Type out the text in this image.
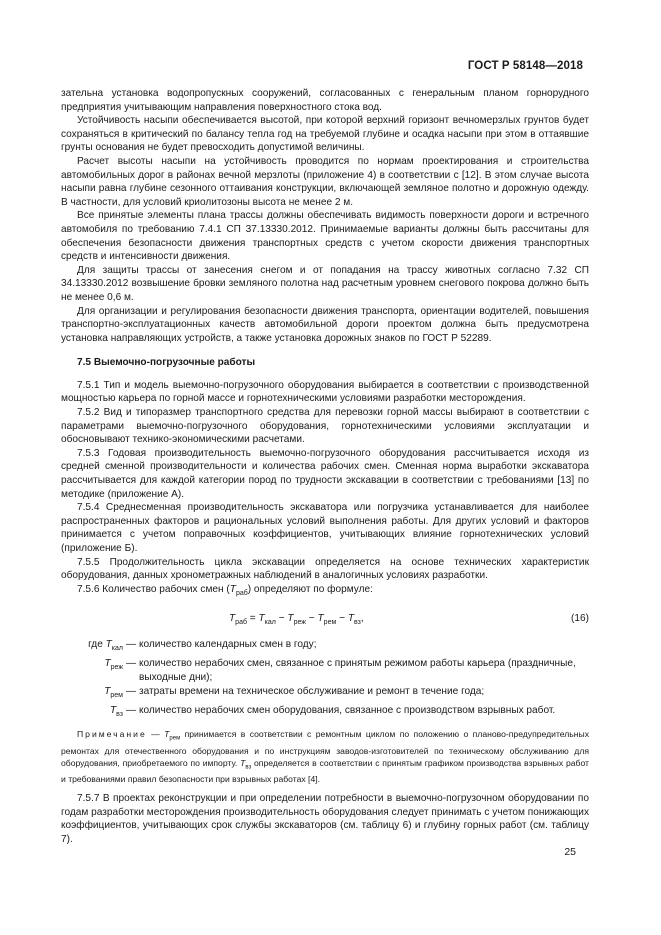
ГОСТ Р 58148—2018

зательна установка водопропускных сооружений, согласованных с генеральным планом горнорудного предприятия учитывающим направления поверхностного стока вод.

Устойчивость насыпи обеспечивается высотой, при которой верхний горизонт вечномерзлых грунтов будет сохраняться в критический по балансу тепла год на требуемой глубине и осадка насыпи при этом в оттаявшие грунты основания не будет превосходить допустимой величины.

Расчет высоты насыпи на устойчивость проводится по нормам проектирования и строительства автомобильных дорог в районах вечной мерзлоты (приложение 4) в соответствии с [12]. В этом случае высота насыпи равна глубине сезонного оттаивания конструкции, включающей земляное полотно и дорожную одежду. В частности, для условий криолитозоны высота не менее 2 м.

Все принятые элементы плана трассы должны обеспечивать видимость поверхности дороги и встречного автомобиля по требованию 7.4.1 СП 37.13330.2012. Принимаемые варианты должны быть рассчитаны для обеспечения безопасности движения транспортных средств с учетом скорости движения транспортных средств и интенсивности движения.

Для защиты трассы от занесения снегом и от попадания на трассу животных согласно 7.32 СП 34.13330.2012 возвышение бровки земляного полотна над расчетным уровнем снегового покрова должно быть не менее 0,6 м.

Для организации и регулирования безопасности движения транспорта, ориентации водителей, повышения транспортно-эксплуатационных качеств автомобильной дороги проектом должна быть предусмотрена установка направляющих устройств, а также установка дорожных знаков по ГОСТ Р 52289.

7.5 Выемочно-погрузочные работы

7.5.1 Тип и модель выемочно-погрузочного оборудования выбирается в соответствии с производственной мощностью карьера по горной массе и горнотехническими условиями разработки месторождения.

7.5.2 Вид и типоразмер транспортного средства для перевозки горной массы выбирают в соответствии с параметрами выемочно-погрузочного оборудования, горнотехническими условиями эксплуатации и обосновывают технико-экономическими расчетами.

7.5.3 Годовая производительность выемочно-погрузочного оборудования рассчитывается исходя из средней сменной производительности и количества рабочих смен. Сменная норма выработки экскаватора рассчитывается для каждой категории пород по трудности экскавации в соответствии с требованиями [13] по методике (приложение А).

7.5.4 Среднесменная производительность экскаватора или погрузчика устанавливается для наиболее распространенных факторов и рациональных условий выполнения работы. Для других условий и факторов принимается с учетом поправочных коэффициентов, учитывающих влияние горнотехнических условий (приложение Б).

7.5.5 Продолжительность цикла экскавации определяется на основе технических характеристик оборудования, данных хронометражных наблюдений в аналогичных условиях разработки.

7.5.6 Количество рабочих смен $(T_{раб})$ определяют по формуле:

$T_{раб} = T_{кал} - T_{реж} - T_{рем} - T_{вз}$,	(16)
где $T_{кал}$ — количество календарных смен в году;
$T_{реж}$ — количество нерабочих смен, связанное с принятым режимом работы карьера (праздничные, выходные дни);
$T_{рем}$ — затраты времени на техническое обслуживание и ремонт в течение года;
$T_{вз}$ — количество нерабочих смен оборудования, связанное с производством взрывных работ.

Примечание — $T_{рем}$ принимается в соответствии с ремонтным циклом по положению о планово-предупредительных ремонтах для отечественного оборудования и по инструкциям заводов-изготовителей по техническому обслуживанию для оборудования, приобретаемого по импорту. $T_{вз}$ определяется в соответствии с принятым графиком производства взрывных работ и требованиями правил безопасности при взрывных работах [4].

7.5.7 В проектах реконструкции и при определении потребности в выемочно-погрузочном оборудовании по годам разработки месторождения производительность оборудования следует принимать с учетом понижающих коэффициентов, учитывающих срок службы экскаваторов (см. таблицу 6) и глубину горных работ (см. таблицу 7).

25
